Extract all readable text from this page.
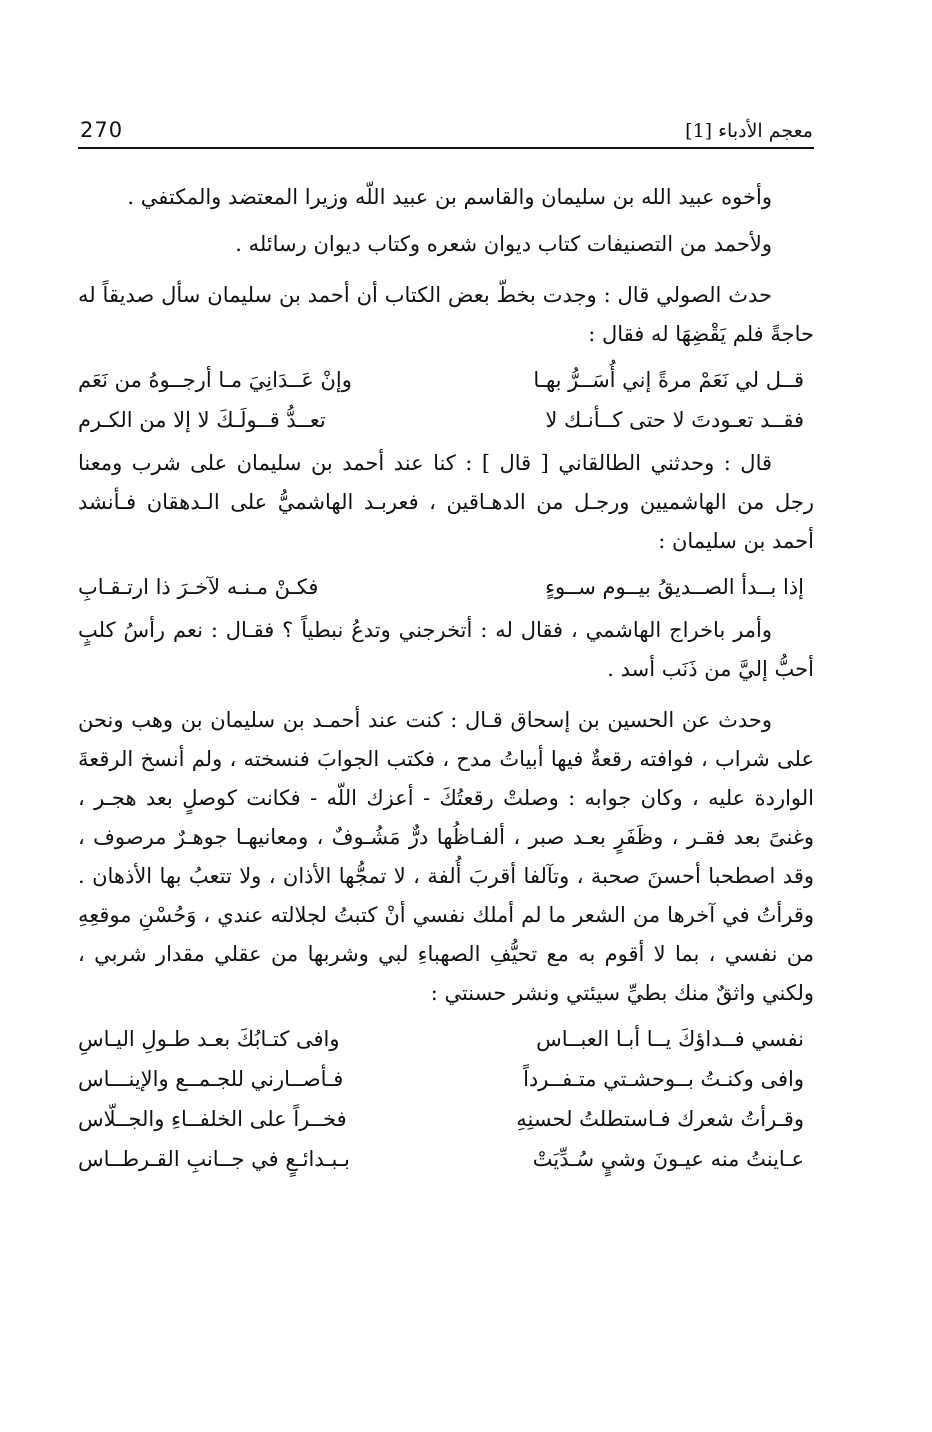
270	معجم الأدباء [1]

وأخوه عبيد الله بن سليمان والقاسم بن عبيد اللّه وزيرا المعتضد والمكتفي .

ولأحمد من التصنيفات كتاب ديوان شعره وكتاب ديوان رسائله .

حدث الصولي قال : وجدت بخطّ بعض الكتاب أن أحمد بن سليمان سأل صديقاً له حاجةً فلم يَقْضِهَا له فقال :

قــل لي نَعَمْ مرةً إني أُسَــرُّ بهـا
وإنْ عَــدَانِيَ مـا أرجــوهُ من نَعَم
فقــد تعـودتَ لا حتى كــأنـك لا
تعــدُّ قــولَـكَ لا إلا من الكـرم

قال : وحدثني الطالقاني [ قال ] : كنا عند أحمد بن سليمان على شرب ومعنا رجل من الهاشميين ورجـل من الدهـاقين ، فعربـد الهاشميُّ على الـدهقان فـأنشد أحمد بن سليمان :

إذا بــدأ الصــديقُ بيــوم ســوءٍ
فكـنْ مـنـه لآخـرَ ذا ارتـقـابِ

وأمر باخراج الهاشمي ، فقال له : أتخرجني وتدعُ نبطياً ؟ فقـال : نعم رأسُ كلبٍ أحبُّ إليَّ من ذَنَب أسد .

وحدث عن الحسين بن إسحاق قـال : كنت عند أحمـد بن سليمان بن وهب ونحن على شراب ، فوافته رقعةٌ فيها أبياتُ مدح ، فكتب الجوابَ فنسخته ، ولم أنسخ الرقعةَ الواردة عليه ، وكان جوابه : وصلتْ رقعتُكَ - أعزك اللّه - فكانت كوصلٍ بعد هجـر ، وغنىً بعد فقـر ، وظَفَرٍ بعـد صبر ، ألفـاظُها درٌّ مَشُـوفٌ ، ومعانيهـا جوهـرٌ مرصوف ، وقد اصطحبا أحسنَ صحبة ، وتآلفا أقربَ أُلفة ، لا تمجُّها الأذان ، ولا تتعبُ بها الأذهان . وقرأتُ في آخرها من الشعر ما لم أملك نفسي أنْ كتبتُ لجلالته عندي ، وَحُسْنِ موقعِهِ من نفسي ، بما لا أقوم به مع تحيُّفِ الصهباءِ لبي وشربها من عقلي مقدار شربي ، ولكني واثقٌ منك بطيِّ سيئتي ونشر حسنتي :

نفسي فــداؤكَ يــا أبـا العبــاس
وافى كتـابُكَ بعـد طـولِ اليـاسِ
وافى وكنـتُ بــوحشـتي متـفــرداً
فـأصــارني للجـمــع والإينـــاس
وقـرأتُ شعرك فـاستطلتُ لحسنِهِ
فخــراً على الخلفــاءِ والجــلّاس
عـاينتُ منه عيـونَ وشيٍ سُـدِّيَتْ
بـبـدائـعٍ في جــانبِ القـرطــاس
